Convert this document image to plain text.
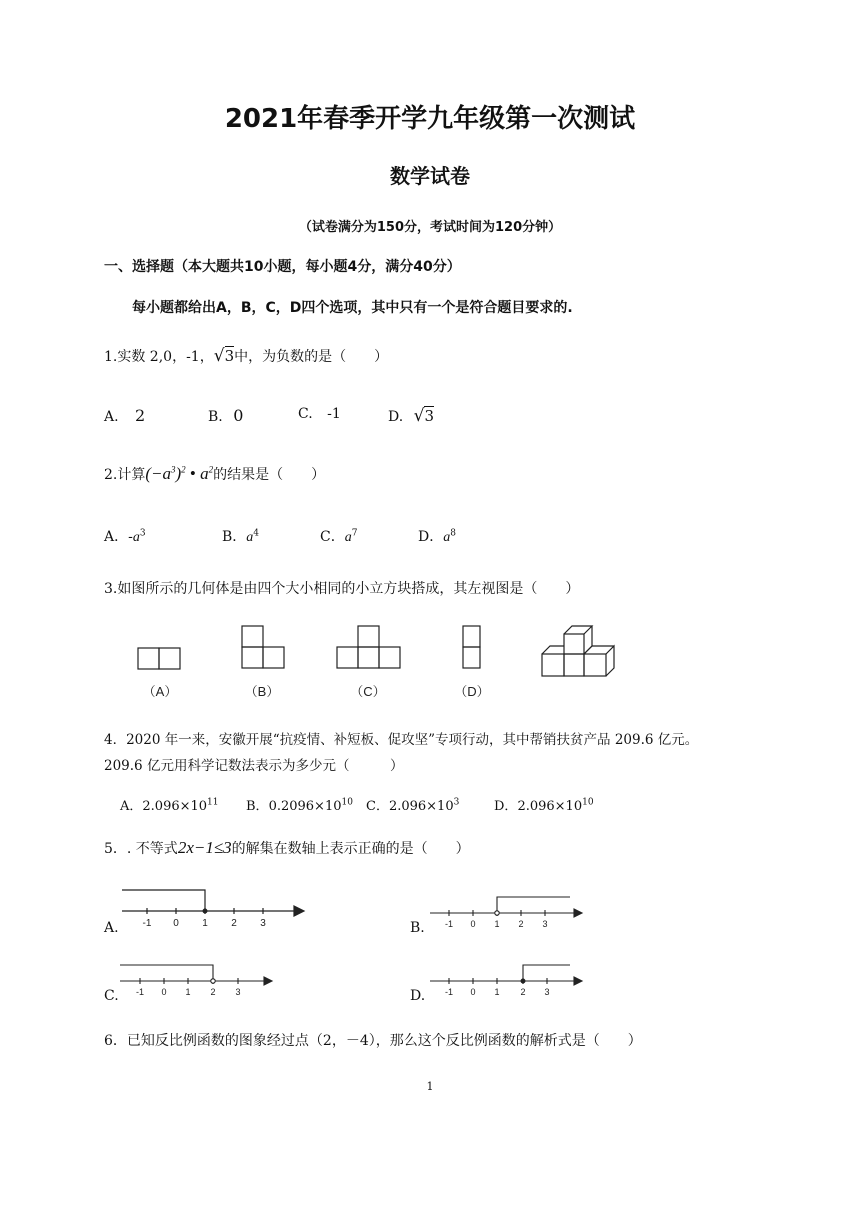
2021年春季开学九年级第一次测试
数学试卷
（试卷满分为150分，考试时间为120分钟）
一、选择题（本大题共10小题，每小题4分，满分40分）
每小题都给出A，B，C，D四个选项，其中只有一个是符合题目要求的.
1.实数 2,0，-1，√3中，为负数的是（　　）
A. 2	B. 0	C. -1	D. √3
2.计算$(-a^3)^2$ • $a^2$的结果是（　　）
A．$-a^3$	B．$a^4$	C．$a^7$	D．$a^8$
3.如图所示的几何体是由四个大小相同的小立方块搭成，其左视图是（　　）
（A）	（B）	（C）	（D）
4．2020 年一来，安徽开展“抗疫情、补短板、促攻坚”专项行动，其中帮销扶贫产品 209.6 亿元。
209.6 亿元用科学记数法表示为多少元（　　　）
A．$2.096\times 10^{11}$ B．$0.2096\times 10^{10}$ C．$2.096\times 10^3$	D．$2.096\times 10^{10}$
5．. 不等式2x−1≤3的解集在数轴上表示正确的是（　　）
A. -1 0 1 2 3	B. -1 0 1 2 3
C. -1 0 1 2 3	D. -1 0 1 2 3
6．已知反比例函数的图象经过点（2，－4），那么这个反比例函数的解析式是（　　）
1
